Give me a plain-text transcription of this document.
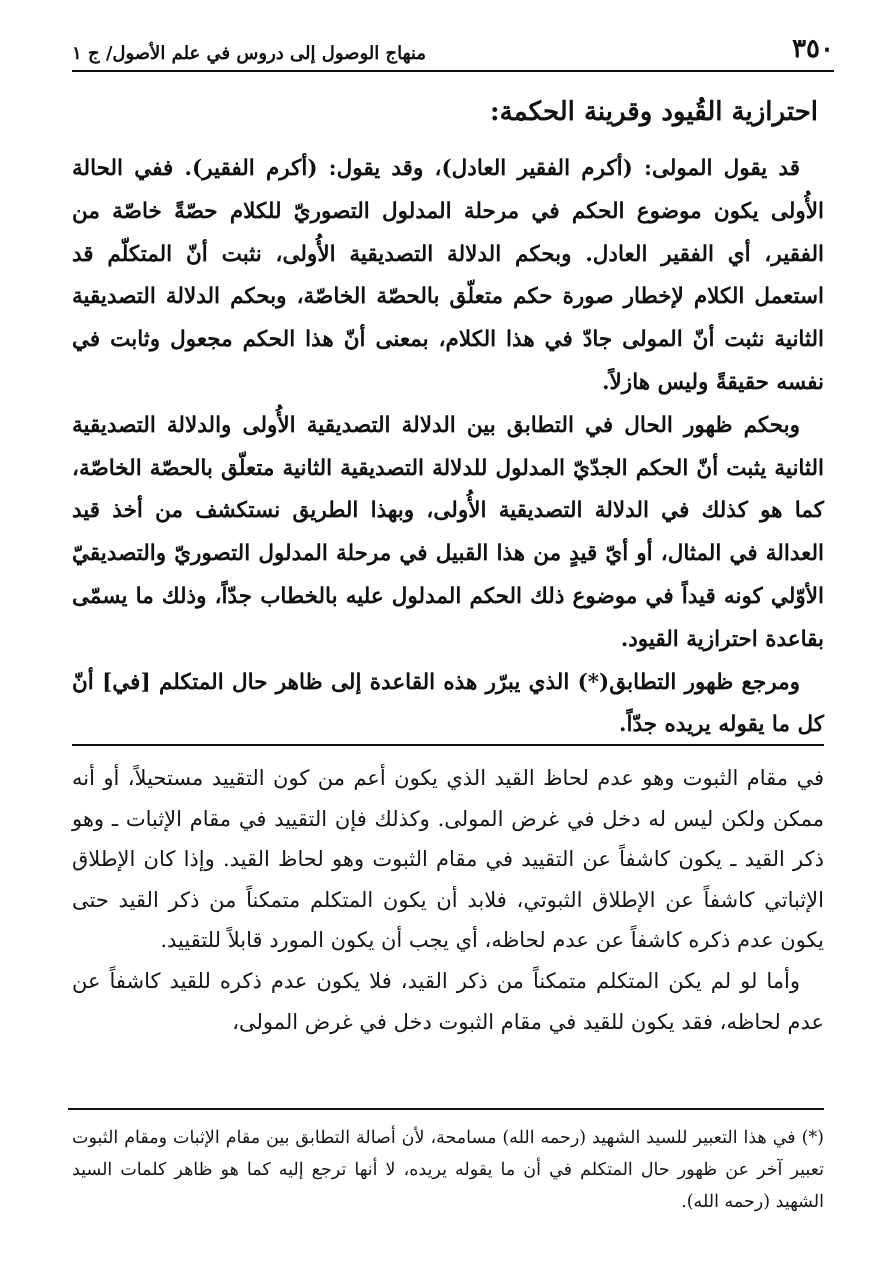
٣٥٠
منهاج الوصول إلى دروس في علم الأصول/ ج ١
احترازية القُيود وقرينة الحكمة:

قد يقول المولى: (أكرم الفقير العادل)، وقد يقول: (أكرم الفقير). ففي الحالة الأُولى يكون موضوع الحكم في مرحلة المدلول التصوريّ للكلام حصّةً خاصّة من الفقير، أي الفقير العادل. وبحكم الدلالة التصديقية الأُولى، نثبت أنّ المتكلّم قد استعمل الكلام لإخطار صورة حكم متعلّق بالحصّة الخاصّة، وبحكم الدلالة التصديقية الثانية نثبت أنّ المولى جادّ في هذا الكلام، بمعنى أنّ هذا الحكم مجعول وثابت في نفسه حقيقةً وليس هازلاً.

وبحكم ظهور الحال في التطابق بين الدلالة التصديقية الأُولى والدلالة التصديقية الثانية يثبت أنّ الحكم الجدّيّ المدلول للدلالة التصديقية الثانية متعلّق بالحصّة الخاصّة، كما هو كذلك في الدلالة التصديقية الأُولى، وبهذا الطريق نستكشف من أخذ قيد العدالة في المثال، أو أيّ قيدٍ من هذا القبيل في مرحلة المدلول التصوريّ والتصديقيّ الأوّلي كونه قيداً في موضوع ذلك الحكم المدلول عليه بالخطاب جدّاً، وذلك ما يسمّى بقاعدة احترازية القيود.

ومرجع ظهور التطابق(*) الذي يبرّر هذه القاعدة إلى ظاهر حال المتكلم [في] أنّ كل ما يقوله يريده جدّاً.

في مقام الثبوت وهو عدم لحاظ القيد الذي يكون أعم من كون التقييد مستحيلاً، أو أنه ممكن ولكن ليس له دخل في غرض المولى. وكذلك فإن التقييد في مقام الإثبات ـ وهو ذكر القيد ـ يكون كاشفاً عن التقييد في مقام الثبوت وهو لحاظ القيد. وإذا كان الإطلاق الإثباتي كاشفاً عن الإطلاق الثبوتي، فلابد أن يكون المتكلم متمكناً من ذكر القيد حتى يكون عدم ذكره كاشفاً عن عدم لحاظه، أي يجب أن يكون المورد قابلاً للتقييد.

وأما لو لم يكن المتكلم متمكناً من ذكر القيد، فلا يكون عدم ذكره للقيد كاشفاً عن عدم لحاظه، فقد يكون للقيد في مقام الثبوت دخل في غرض المولى،

(*) في هذا التعبير للسيد الشهيد (رحمه الله) مسامحة، لأن أصالة التطابق بين مقام الإثبات ومقام الثبوت تعبير آخر عن ظهور حال المتكلم في أن ما يقوله يريده، لا أنها ترجع إليه كما هو ظاهر كلمات السيد الشهيد (رحمه الله).
